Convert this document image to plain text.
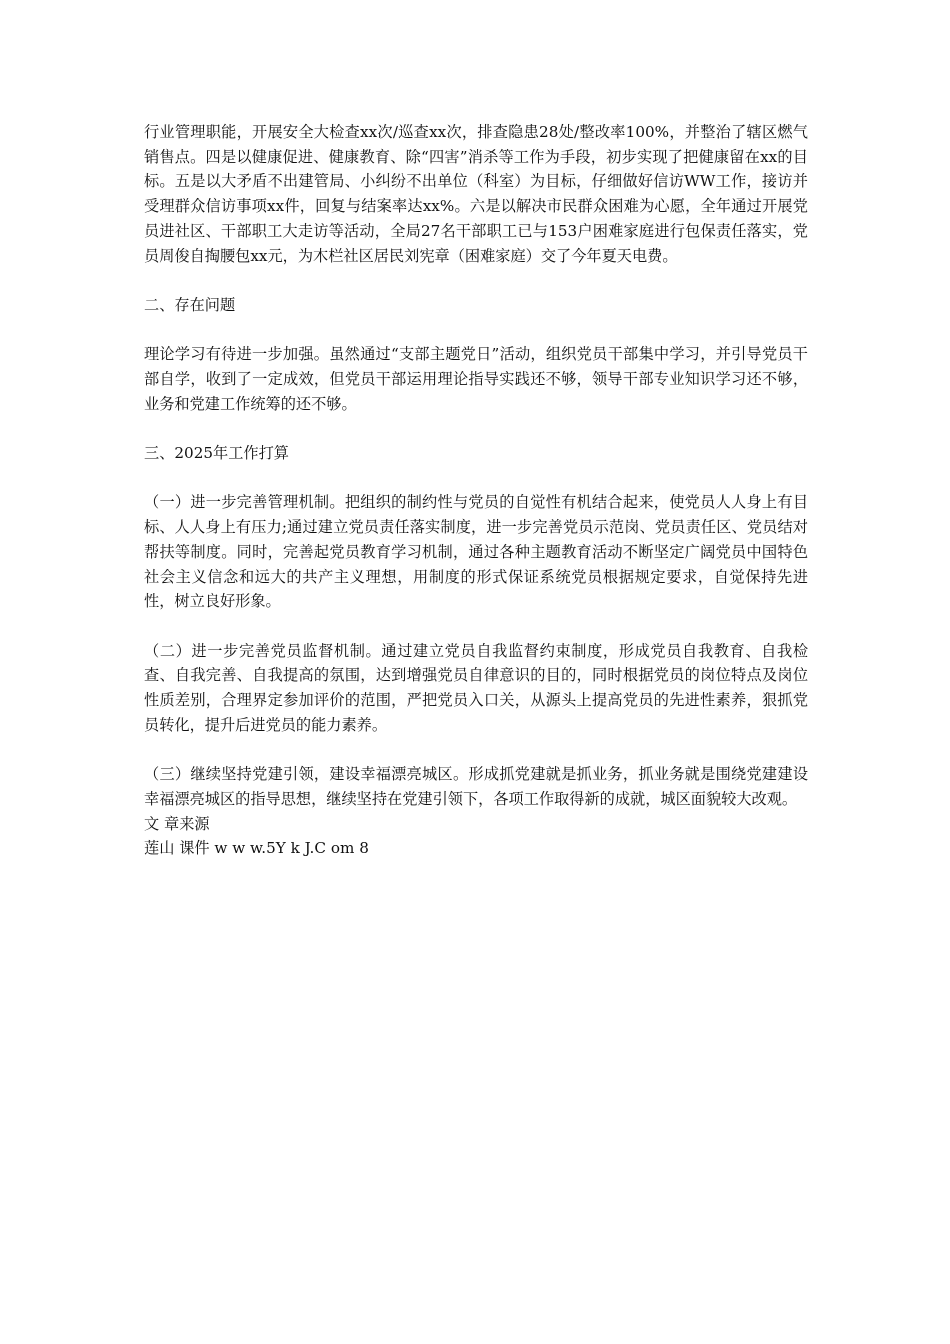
行业管理职能，开展安全大检查xx次/巡查xx次，排查隐患28处/整改率100%，并整治了辖区燃气销售点。四是以健康促进、健康教育、除“四害”消杀等工作为手段，初步实现了把健康留在xx的目标。五是以大矛盾不出建管局、小纠纷不出单位（科室）为目标，仔细做好信访WW工作，接访并受理群众信访事项xx件，回复与结案率达xx%。六是以解决市民群众困难为心愿，全年通过开展党员进社区、干部职工大走访等活动，全局27名干部职工已与153户困难家庭进行包保责任落实，党员周俊自掏腰包xx元，为木栏社区居民刘宪章（困难家庭）交了今年夏天电费。

二、存在问题

理论学习有待进一步加强。虽然通过“支部主题党日”活动，组织党员干部集中学习，并引导党员干部自学，收到了一定成效，但党员干部运用理论指导实践还不够，领导干部专业知识学习还不够，业务和党建工作统筹的还不够。

三、2025年工作打算

（一）进一步完善管理机制。把组织的制约性与党员的自觉性有机结合起来，使党员人人身上有目标、人人身上有压力;通过建立党员责任落实制度，进一步完善党员示范岗、党员责任区、党员结对帮扶等制度。同时，完善起党员教育学习机制，通过各种主题教育活动不断坚定广阔党员中国特色社会主义信念和远大的共产主义理想，用制度的形式保证系统党员根据规定要求，自觉保持先进性，树立良好形象。

（二）进一步完善党员监督机制。通过建立党员自我监督约束制度，形成党员自我教育、自我检查、自我完善、自我提高的氛围，达到增强党员自律意识的目的，同时根据党员的岗位特点及岗位性质差别，合理界定参加评价的范围，严把党员入口关，从源头上提高党员的先进性素养，狠抓党员转化，提升后进党员的能力素养。

（三）继续坚持党建引领，建设幸福漂亮城区。形成抓党建就是抓业务，抓业务就是围绕党建建设幸福漂亮城区的指导思想，继续坚持在党建引领下，各项工作取得新的成就，城区面貌较大改观。

文 章来源

莲山 课件 w w w.5Y k J.C om 8
